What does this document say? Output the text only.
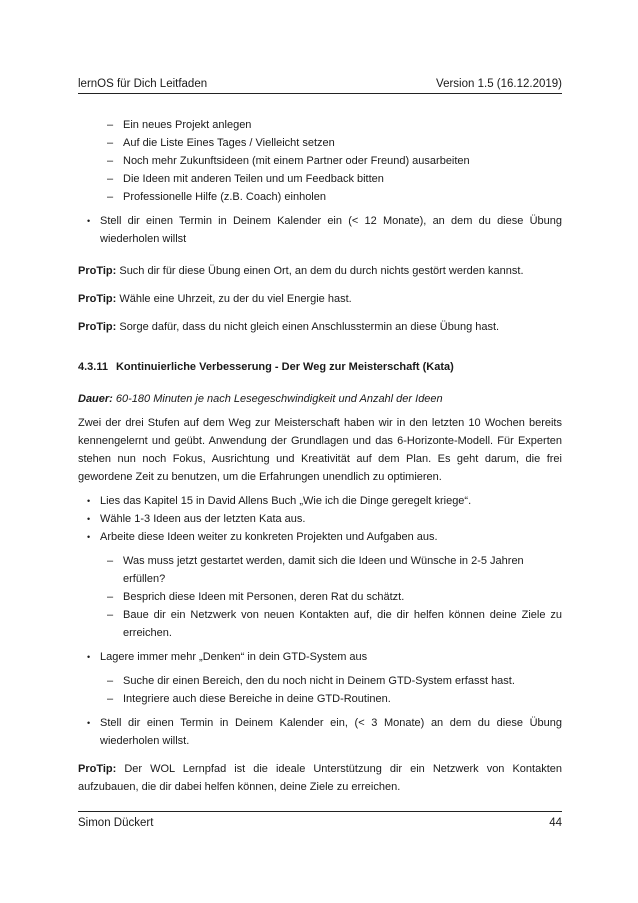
lernOS für Dich Leitfaden	Version 1.5 (16.12.2019)
– Ein neues Projekt anlegen
– Auf die Liste Eines Tages / Vielleicht setzen
– Noch mehr Zukunftsideen (mit einem Partner oder Freund) ausarbeiten
– Die Ideen mit anderen Teilen und um Feedback bitten
– Professionelle Hilfe (z.B. Coach) einholen
• Stell dir einen Termin in Deinem Kalender ein (< 12 Monate), an dem du diese Übung wiederholen willst

ProTip: Such dir für diese Übung einen Ort, an dem du durch nichts gestört werden kannst.

ProTip: Wähle eine Uhrzeit, zu der du viel Energie hast.

ProTip: Sorge dafür, dass du nicht gleich einen Anschlusstermin an diese Übung hast.

4.3.11 Kontinuierliche Verbesserung - Der Weg zur Meisterschaft (Kata)

Dauer: 60-180 Minuten je nach Lesegeschwindigkeit und Anzahl der Ideen

Zwei der drei Stufen auf dem Weg zur Meisterschaft haben wir in den letzten 10 Wochen bereits kennengelernt und geübt. Anwendung der Grundlagen und das 6-Horizonte-Modell. Für Experten stehen nun noch Fokus, Ausrichtung und Kreativität auf dem Plan. Es geht darum, die frei gewordene Zeit zu benutzen, um die Erfahrungen unendlich zu optimieren.

• Lies das Kapitel 15 in David Allens Buch „Wie ich die Dinge geregelt kriege“.
• Wähle 1-3 Ideen aus der letzten Kata aus.
• Arbeite diese Ideen weiter zu konkreten Projekten und Aufgaben aus.
– Was muss jetzt gestartet werden, damit sich die Ideen und Wünsche in 2-5 Jahren erfüllen?
– Besprich diese Ideen mit Personen, deren Rat du schätzt.
– Baue dir ein Netzwerk von neuen Kontakten auf, die dir helfen können deine Ziele zu erreichen.
• Lagere immer mehr „Denken“ in dein GTD-System aus
– Suche dir einen Bereich, den du noch nicht in Deinem GTD-System erfasst hast.
– Integriere auch diese Bereiche in deine GTD-Routinen.
• Stell dir einen Termin in Deinem Kalender ein, (< 3 Monate) an dem du diese Übung wiederholen willst.

ProTip: Der WOL Lernpfad ist die ideale Unterstützung dir ein Netzwerk von Kontakten aufzubauen, die dir dabei helfen können, deine Ziele zu erreichen.

Simon Dückert	44
